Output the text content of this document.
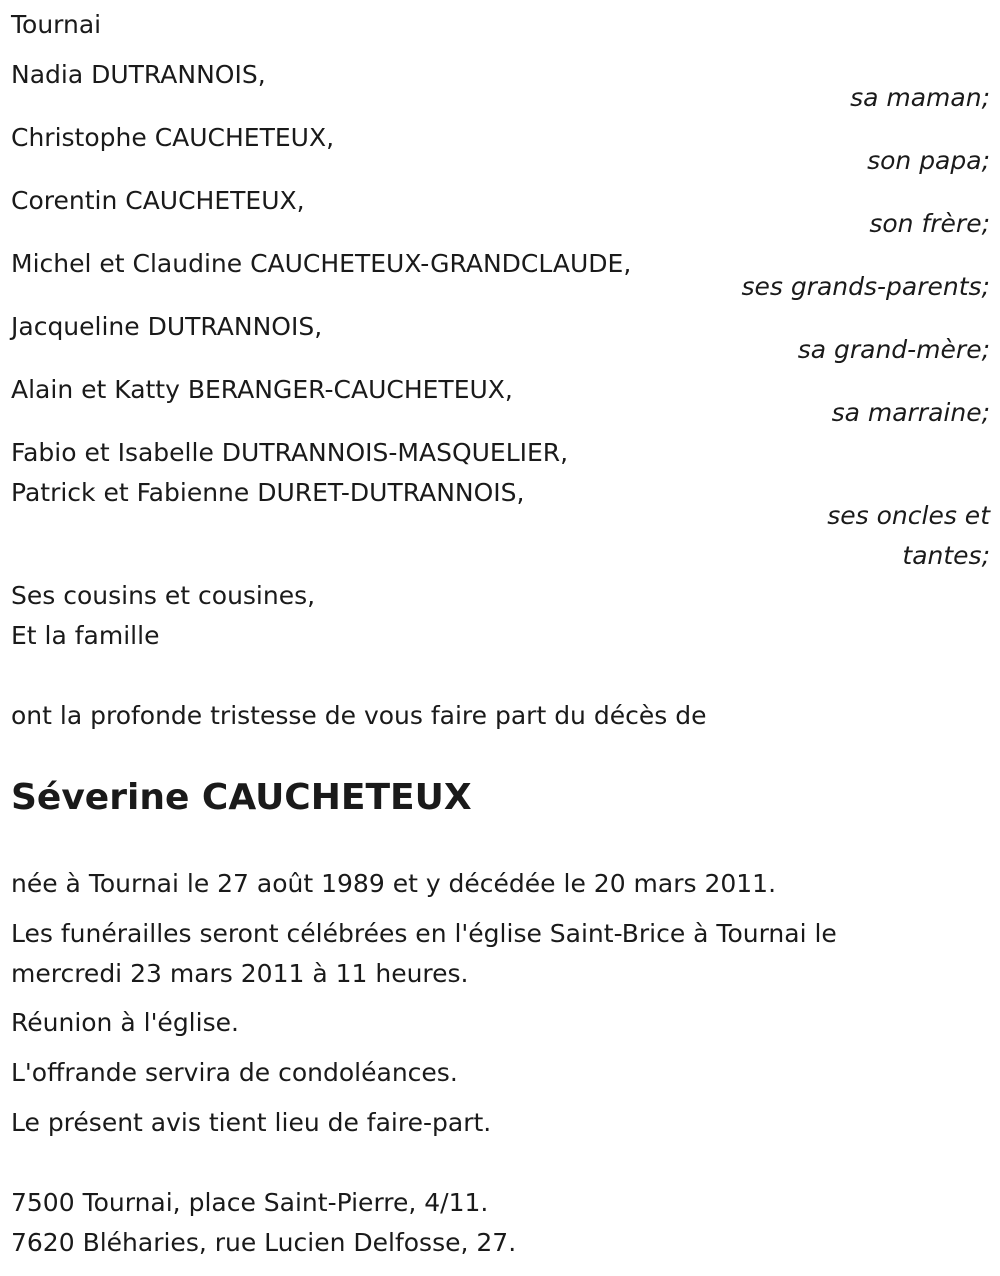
Tournai
Nadia DUTRANNOIS,
sa maman;
Christophe CAUCHETEUX,
son papa;
Corentin CAUCHETEUX,
son frère;
Michel et Claudine CAUCHETEUX-GRANDCLAUDE,
ses grands-parents;
Jacqueline DUTRANNOIS,
sa grand-mère;
Alain et Katty BERANGER-CAUCHETEUX,
sa marraine;
Fabio et Isabelle DUTRANNOIS-MASQUELIER,
Patrick et Fabienne DURET-DUTRANNOIS,
ses oncles et
tantes;
Ses cousins et cousines,
Et la famille
ont la profonde tristesse de vous faire part du décès de
Séverine CAUCHETEUX
née à Tournai le 27 août 1989 et y décédée le 20 mars 2011.
Les funérailles seront célébrées en l'église Saint-Brice à Tournai le
mercredi 23 mars 2011 à 11 heures.
Réunion à l'église.
L'offrande servira de condoléances.
Le présent avis tient lieu de faire-part.
7500 Tournai, place Saint-Pierre, 4/11.
7620 Bléharies, rue Lucien Delfosse, 27.
